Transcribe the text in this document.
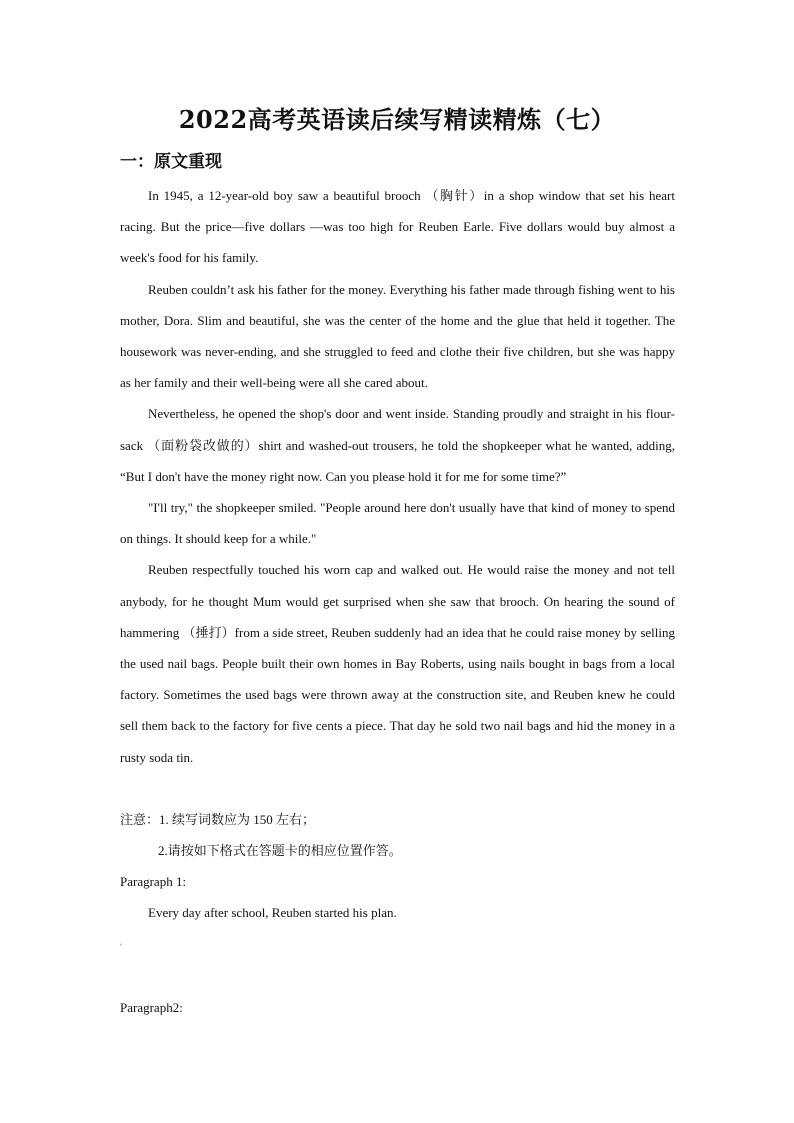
2022高考英语读后续写精读精炼（七）
一：原文重现

In 1945, a 12-year-old boy saw a beautiful brooch （胸针）in a shop window that set his heart racing. But the price—five dollars —was too high for Reuben Earle. Five dollars would buy almost a week's food for his family.

Reuben couldn’t ask his father for the money. Everything his father made through fishing went to his mother, Dora. Slim and beautiful, she was the center of the home and the glue that held it together. The housework was never-ending, and she struggled to feed and clothe their five children, but she was happy as her family and their well-being were all she cared about.

Nevertheless, he opened the shop's door and went inside. Standing proudly and straight in his flour-sack （面粉袋改做的）shirt and washed-out trousers, he told the shopkeeper what he wanted, adding, “But I don't have the money right now. Can you please hold it for me for some time?”

"I'll try," the shopkeeper smiled. "People around here don't usually have that kind of money to spend on things. It should keep for a while."

Reuben respectfully touched his worn cap and walked out. He would raise the money and not tell anybody, for he thought Mum would get surprised when she saw that brooch. On hearing the sound of hammering （捶打）from a side street, Reuben suddenly had an idea that he could raise money by selling the used nail bags. People built their own homes in Bay Roberts, using nails bought in bags from a local factory. Sometimes the used bags were thrown away at the construction site, and Reuben knew he could sell them back to the factory for five cents a piece. That day he sold two nail bags and hid the money in a rusty soda tin.

注意：1. 续写词数应为 150 左右；
2.请按如下格式在答题卡的相应位置作答。
Paragraph 1:
Every day after school, Reuben started his plan.
。
Paragraph2:
